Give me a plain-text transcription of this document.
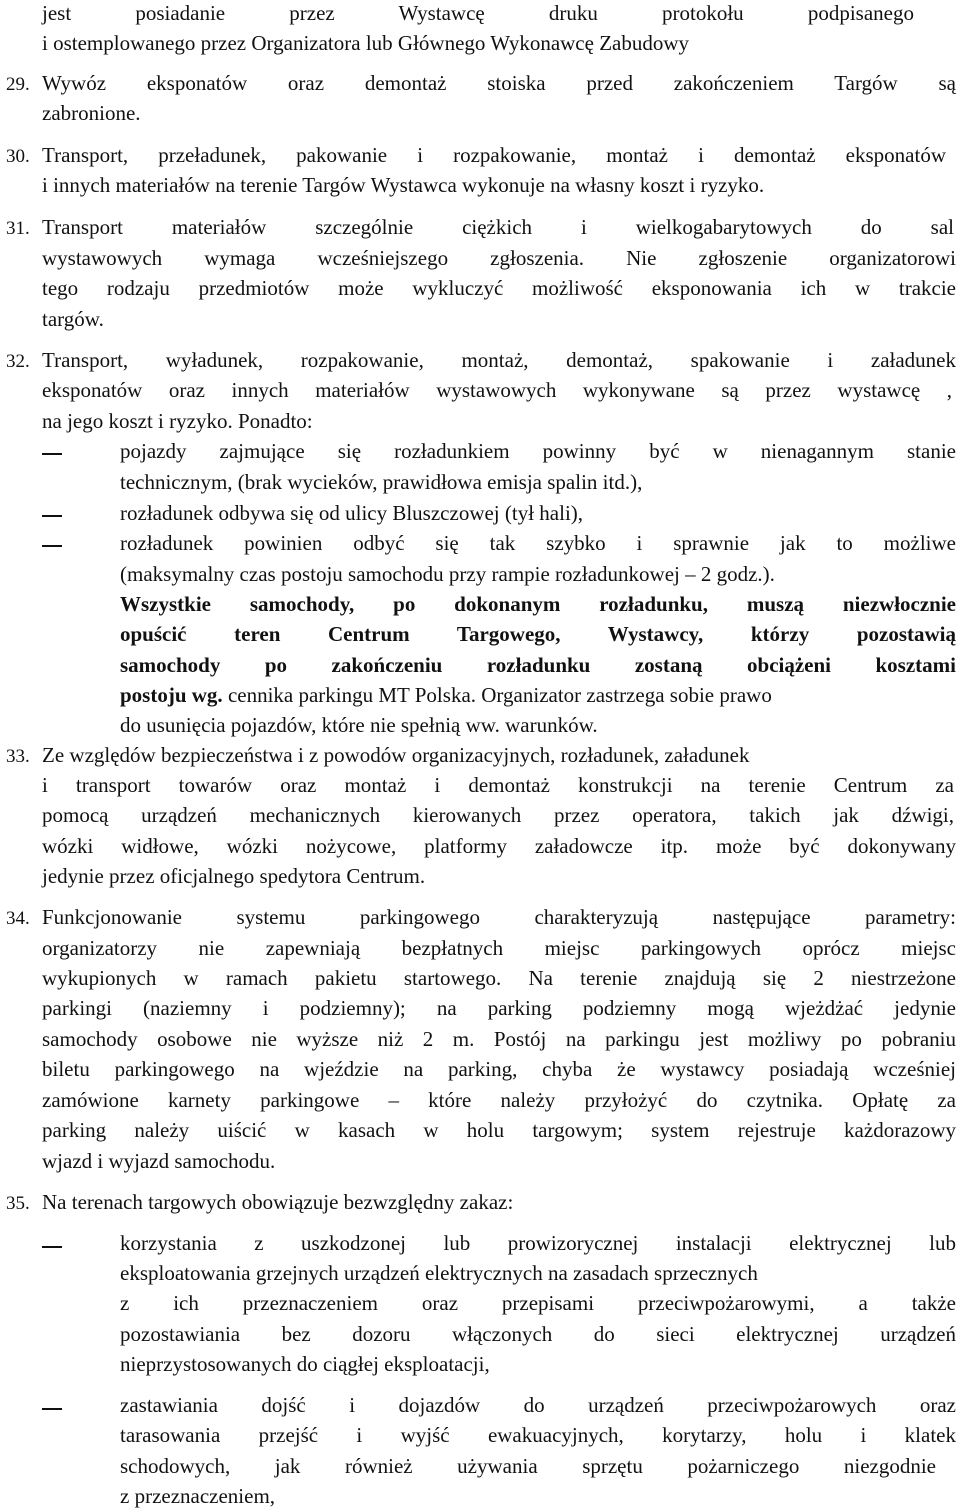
jest posiadanie przez Wystawcę druku protokołu podpisanego
i ostemplowanego przez Organizatora lub Głównego Wykonawcę Zabudowy
29. Wywóz eksponatów oraz demontaż stoiska przed zakończeniem Targów są
zabronione.
30. Transport, przeładunek, pakowanie i rozpakowanie, montaż i demontaż eksponatów
i innych materiałów na terenie Targów Wystawca wykonuje na własny koszt i ryzyko.
31. Transport materiałów szczególnie ciężkich i wielkogabarytowych do sal
wystawowych wymaga wcześniejszego zgłoszenia. Nie zgłoszenie organizatorowi
tego rodzaju przedmiotów może wykluczyć możliwość eksponowania ich w trakcie
targów.
32. Transport, wyładunek, rozpakowanie, montaż, demontaż, spakowanie i załadunek
eksponatów oraz innych materiałów wystawowych wykonywane są przez wystawcę ,
na jego koszt i ryzyko. Ponadto:
pojazdy zajmujące się rozładunkiem powinny być w nienagannym stanie
technicznym, (brak wycieków, prawidłowa emisja spalin itd.),
rozładunek odbywa się od ulicy Bluszczowej (tył hali),
rozładunek powinien odbyć się tak szybko i sprawnie jak to możliwe
(maksymalny czas postoju samochodu przy rampie rozładunkowej – 2 godz.).
Wszystkie samochody, po dokonanym rozładunku, muszą niezwłocznie
opuścić teren Centrum Targowego, Wystawcy, którzy pozostawią
samochody po zakończeniu rozładunku zostaną obciążeni kosztami
postoju wg. cennika parkingu MT Polska. Organizator zastrzega sobie prawo
do usunięcia pojazdów, które nie spełnią ww. warunków.
33. Ze względów bezpieczeństwa i z powodów organizacyjnych, rozładunek, załadunek
i transport towarów oraz montaż i demontaż konstrukcji na terenie Centrum za
pomocą urządzeń mechanicznych kierowanych przez operatora, takich jak dźwigi,
wózki widłowe, wózki nożycowe, platformy załadowcze itp. może być dokonywany
jedynie przez oficjalnego spedytora Centrum.
34. Funkcjonowanie systemu parkingowego charakteryzują następujące parametry:
organizatorzy nie zapewniają bezpłatnych miejsc parkingowych oprócz miejsc
wykupionych w ramach pakietu startowego. Na terenie znajdują się 2 niestrzeżone
parkingi (naziemny i podziemny); na parking podziemny mogą wjeżdżać jedynie
samochody osobowe nie wyższe niż 2 m. Postój na parkingu jest możliwy po pobraniu
biletu parkingowego na wjeździe na parking, chyba że wystawcy posiadają wcześniej
zamówione karnety parkingowe – które należy przyłożyć do czytnika. Opłatę za
parking należy uiścić w kasach w holu targowym; system rejestruje każdorazowy
wjazd i wyjazd samochodu.
35. Na terenach targowych obowiązuje bezwzględny zakaz:
korzystania z uszkodzonej lub prowizorycznej instalacji elektrycznej lub
eksploatowania grzejnych urządzeń elektrycznych na zasadach sprzecznych
z ich przeznaczeniem oraz przepisami przeciwpożarowymi, a także
pozostawiania bez dozoru włączonych do sieci elektrycznej urządzeń
nieprzystosowanych do ciągłej eksploatacji,
zastawiania dojść i dojazdów do urządzeń przeciwpożarowych oraz
tarasowania przejść i wyjść ewakuacyjnych, korytarzy, holu i klatek
schodowych, jak również używania sprzętu pożarniczego niezgodnie
z przeznaczeniem,
